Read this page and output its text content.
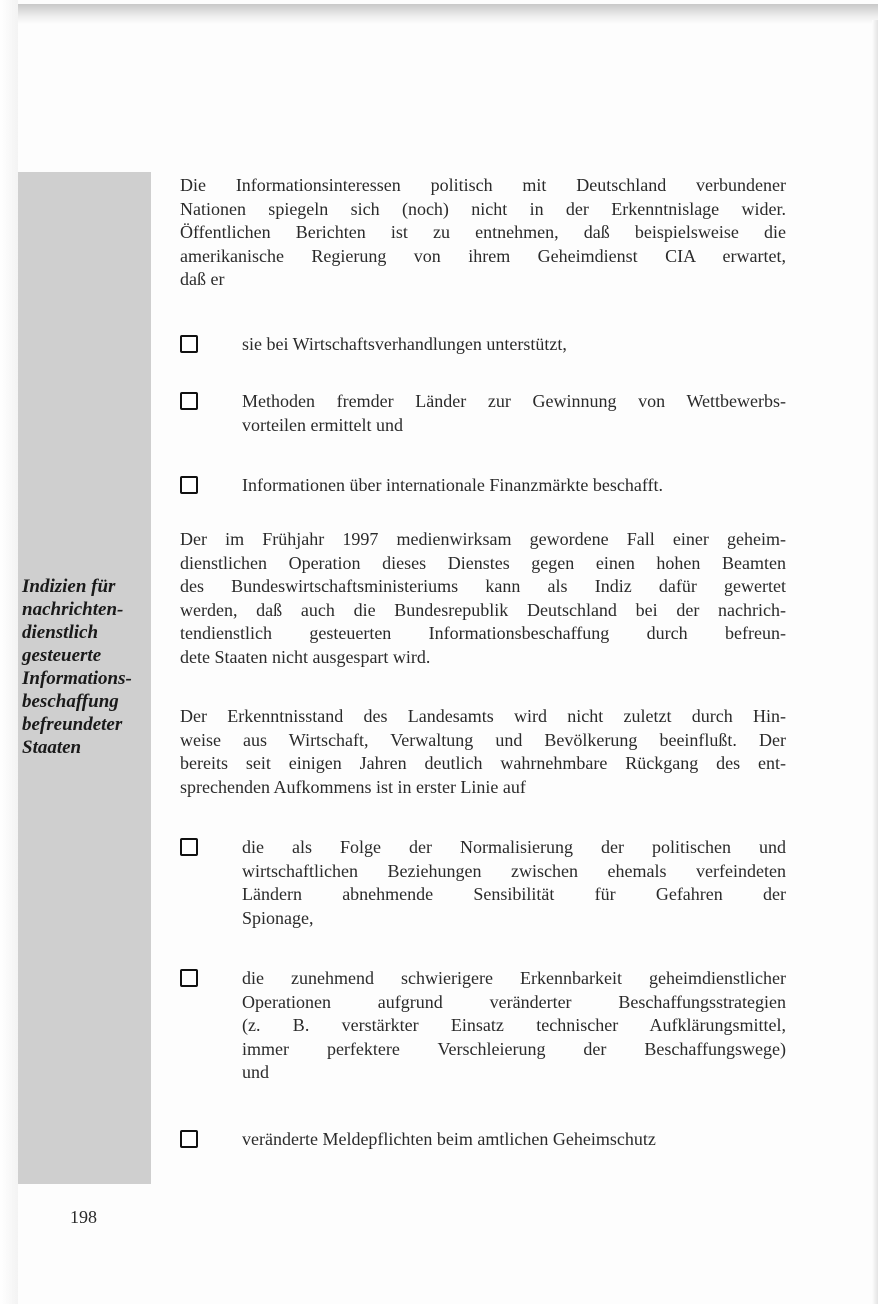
Indizien für
nachrichten-
dienstlich
gesteuerte
Informations-
beschaffung
befreundeter
Staaten
Die Informationsinteressen politisch mit Deutschland verbundener
Nationen spiegeln sich (noch) nicht in der Erkenntnislage wider.
Öffentlichen Berichten ist zu entnehmen, daß beispielsweise die
amerikanische Regierung von ihrem Geheimdienst CIA erwartet,
daß er
sie bei Wirtschaftsverhandlungen unterstützt,
Methoden fremder Länder zur Gewinnung von Wettbewerbs-
vorteilen ermittelt und
Informationen über internationale Finanzmärkte beschafft.
Der im Frühjahr 1997 medienwirksam gewordene Fall einer geheim-
dienstlichen Operation dieses Dienstes gegen einen hohen Beamten
des Bundeswirtschaftsministeriums kann als Indiz dafür gewertet
werden, daß auch die Bundesrepublik Deutschland bei der nachrich-
tendienstlich gesteuerten Informationsbeschaffung durch befreun-
dete Staaten nicht ausgespart wird.
Der Erkenntnisstand des Landesamts wird nicht zuletzt durch Hin-
weise aus Wirtschaft, Verwaltung und Bevölkerung beeinflußt. Der
bereits seit einigen Jahren deutlich wahrnehmbare Rückgang des ent-
sprechenden Aufkommens ist in erster Linie auf
die als Folge der Normalisierung der politischen und
wirtschaftlichen Beziehungen zwischen ehemals verfeindeten
Ländern abnehmende Sensibilität für Gefahren der
Spionage,
die zunehmend schwierigere Erkennbarkeit geheimdienstlicher
Operationen aufgrund veränderter Beschaffungsstrategien
(z. B. verstärkter Einsatz technischer Aufklärungsmittel,
immer perfektere Verschleierung der Beschaffungswege)
und
veränderte Meldepflichten beim amtlichen Geheimschutz
198
